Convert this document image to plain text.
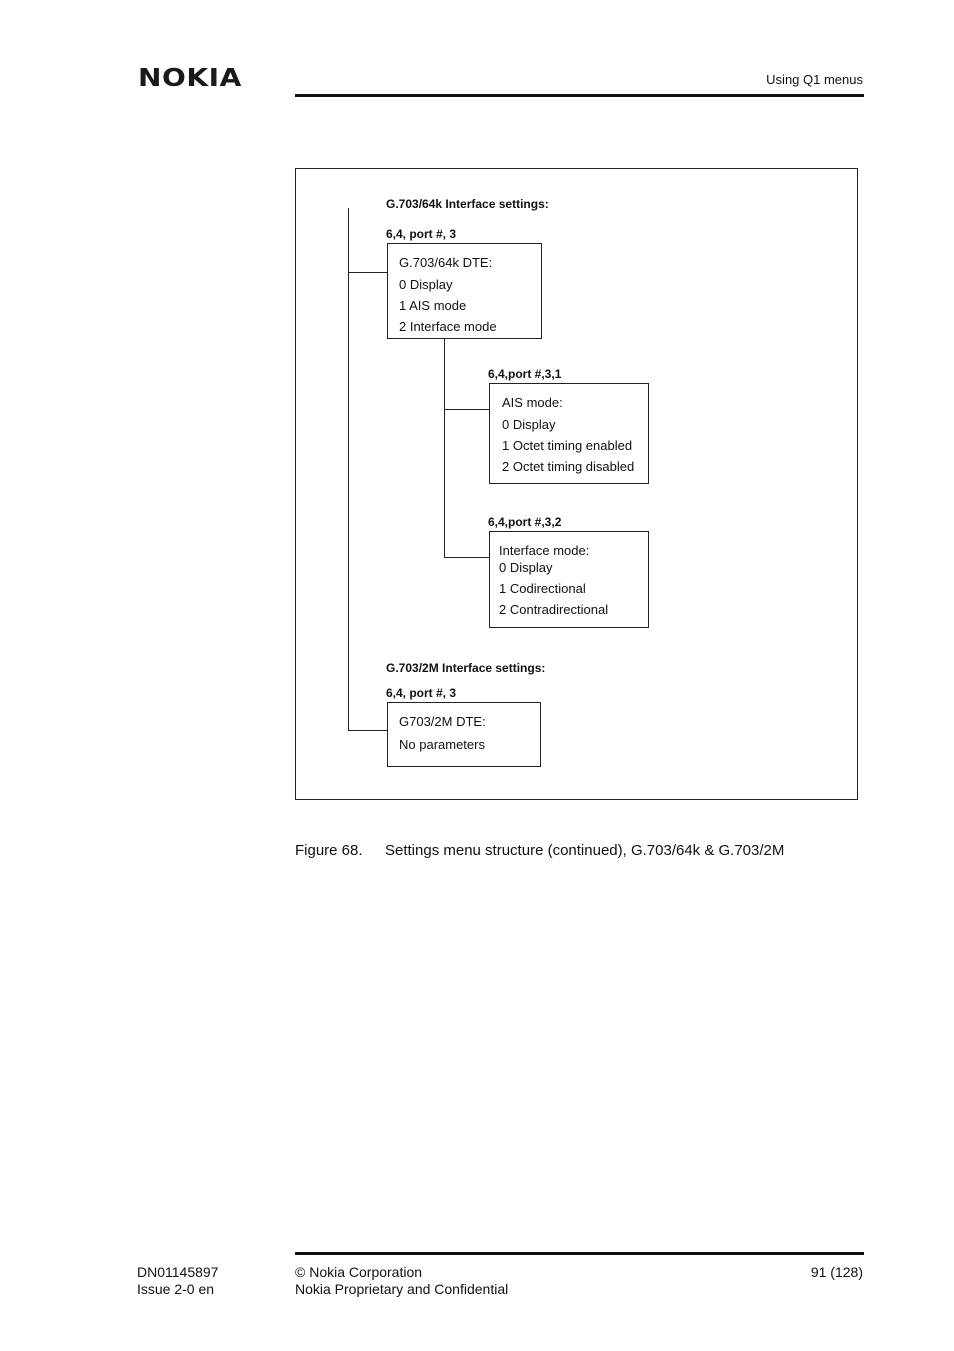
NOKIA	Using Q1 menus
G.703/64k Interface settings:
6,4, port #, 3
G.703/64k DTE:
0 Display
1 AIS mode
2 Interface mode
6,4,port #,3,1
AIS mode:
0 Display
1 Octet timing enabled
2 Octet timing disabled
6,4,port #,3,2
Interface mode:
0 Display
1 Codirectional
2 Contradirectional
G.703/2M Interface settings:
6,4, port #, 3
G703/2M DTE:
No parameters
Figure 68. Settings menu structure (continued), G.703/64k & G.703/2M
DN01145897
Issue 2-0 en
© Nokia Corporation
Nokia Proprietary and Confidential
91 (128)
